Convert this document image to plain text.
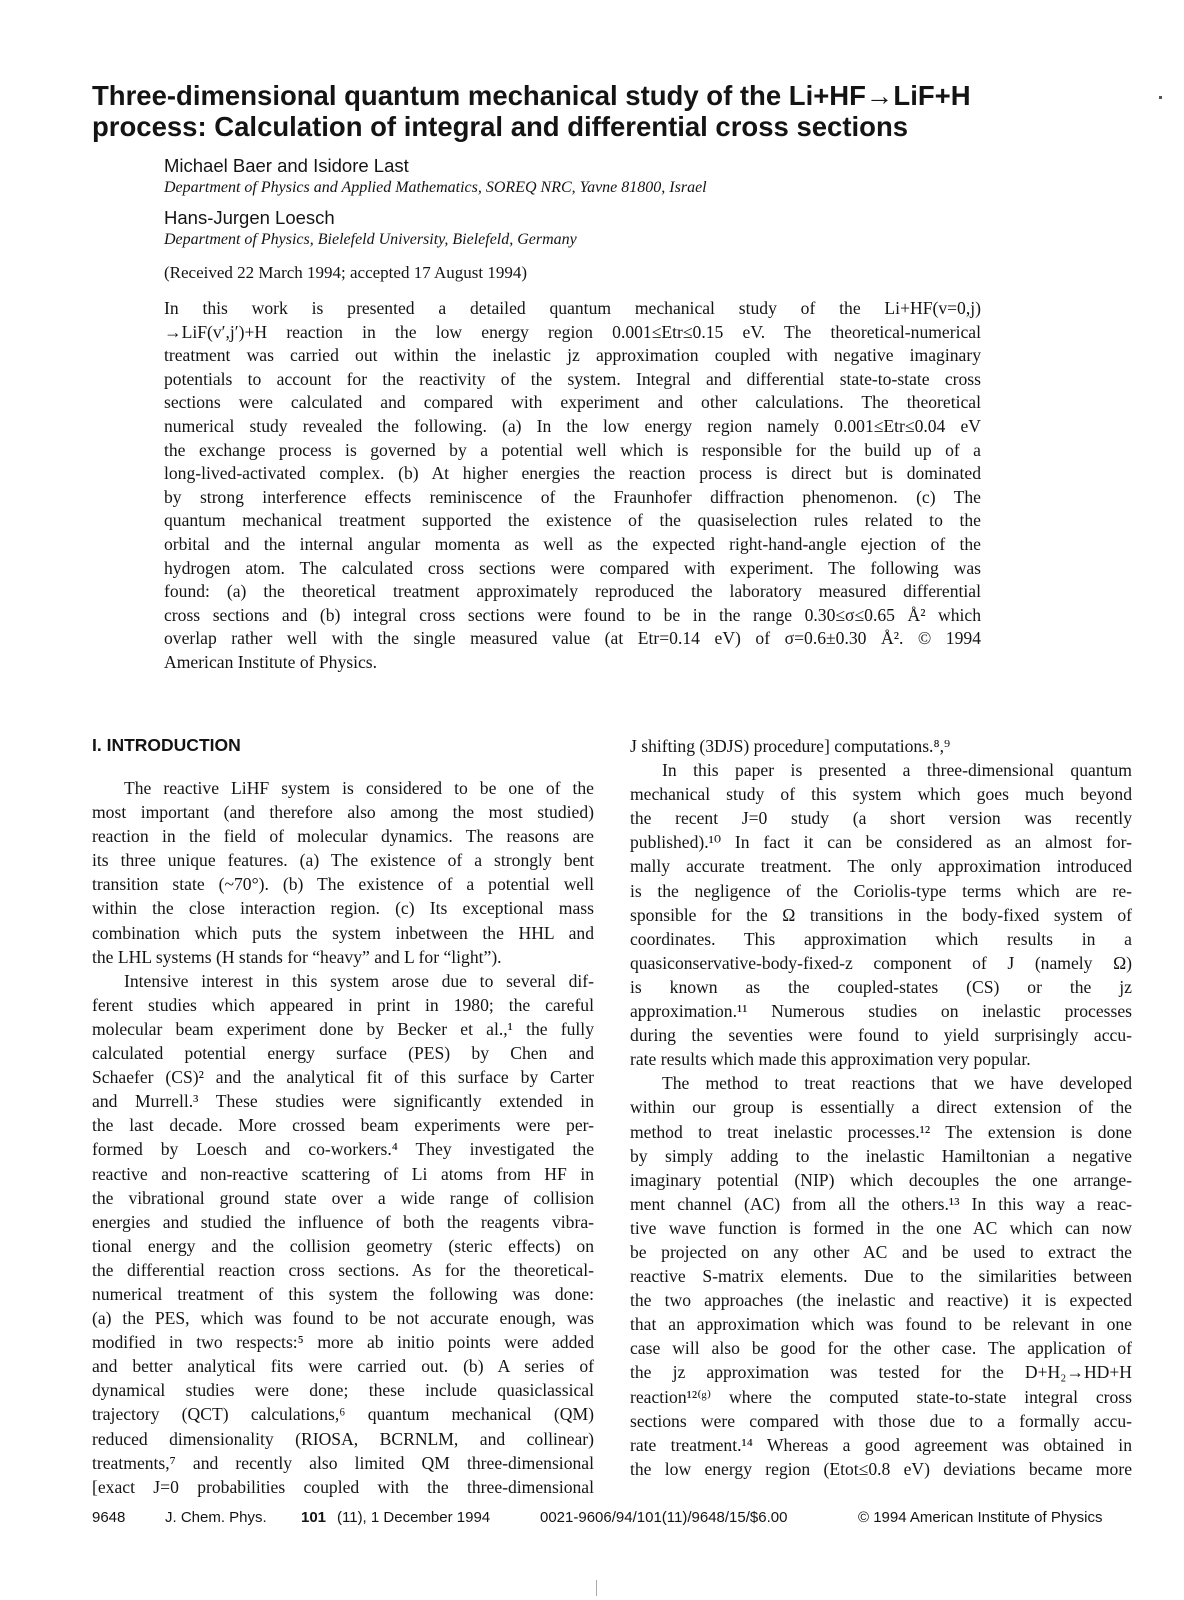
Three-dimensional quantum mechanical study of the Li+HF→LiF+H
process: Calculation of integral and differential cross sections
Michael Baer and Isidore Last
Department of Physics and Applied Mathematics, SOREQ NRC, Yavne 81800, Israel
Hans-Jurgen Loesch
Department of Physics, Bielefeld University, Bielefeld, Germany
(Received 22 March 1994; accepted 17 August 1994)
In this work is presented a detailed quantum mechanical study of the Li+HF(v=0,j)
→LiF(v′,j′)+H reaction in the low energy region 0.001≤Etr≤0.15 eV. The theoretical-numerical
treatment was carried out within the inelastic jz approximation coupled with negative imaginary
potentials to account for the reactivity of the system. Integral and differential state-to-state cross
sections were calculated and compared with experiment and other calculations. The theoretical
numerical study revealed the following. (a) In the low energy region namely 0.001≤Etr≤0.04 eV
the exchange process is governed by a potential well which is responsible for the build up of a
long-lived-activated complex. (b) At higher energies the reaction process is direct but is dominated
by strong interference effects reminiscence of the Fraunhofer diffraction phenomenon. (c) The
quantum mechanical treatment supported the existence of the quasiselection rules related to the
orbital and the internal angular momenta as well as the expected right-hand-angle ejection of the
hydrogen atom. The calculated cross sections were compared with experiment. The following was
found: (a) the theoretical treatment approximately reproduced the laboratory measured differential
cross sections and (b) integral cross sections were found to be in the range 0.30≤σ≤0.65 Å² which
overlap rather well with the single measured value (at Etr=0.14 eV) of σ=0.6±0.30 Å². © 1994
American Institute of Physics.
I. INTRODUCTION
The reactive LiHF system is considered to be one of the
most important (and therefore also among the most studied)
reaction in the field of molecular dynamics. The reasons are
its three unique features. (a) The existence of a strongly bent
transition state (~70°). (b) The existence of a potential well
within the close interaction region. (c) Its exceptional mass
combination which puts the system inbetween the HHL and
the LHL systems (H stands for “heavy” and L for “light”).
Intensive interest in this system arose due to several dif-
ferent studies which appeared in print in 1980; the careful
molecular beam experiment done by Becker et al.,¹ the fully
calculated potential energy surface (PES) by Chen and
Schaefer (CS)² and the analytical fit of this surface by Carter
and Murrell.³ These studies were significantly extended in
the last decade. More crossed beam experiments were per-
formed by Loesch and co-workers.⁴ They investigated the
reactive and non-reactive scattering of Li atoms from HF in
the vibrational ground state over a wide range of collision
energies and studied the influence of both the reagents vibra-
tional energy and the collision geometry (steric effects) on
the differential reaction cross sections. As for the theoretical-
numerical treatment of this system the following was done:
(a) the PES, which was found to be not accurate enough, was
modified in two respects:⁵ more ab initio points were added
and better analytical fits were carried out. (b) A series of
dynamical studies were done; these include quasiclassical
trajectory (QCT) calculations,⁶ quantum mechanical (QM)
reduced dimensionality (RIOSA, BCRNLM, and collinear)
treatments,⁷ and recently also limited QM three-dimensional
[exact J=0 probabilities coupled with the three-dimensional
J shifting (3DJS) procedure] computations.⁸,⁹
In this paper is presented a three-dimensional quantum
mechanical study of this system which goes much beyond
the recent J=0 study (a short version was recently
published).¹⁰ In fact it can be considered as an almost for-
mally accurate treatment. The only approximation introduced
is the negligence of the Coriolis-type terms which are re-
sponsible for the Ω transitions in the body-fixed system of
coordinates. This approximation which results in a
quasiconservative-body-fixed-z component of J (namely Ω)
is known as the coupled-states (CS) or the jz
approximation.¹¹ Numerous studies on inelastic processes
during the seventies were found to yield surprisingly accu-
rate results which made this approximation very popular.
The method to treat reactions that we have developed
within our group is essentially a direct extension of the
method to treat inelastic processes.¹² The extension is done
by simply adding to the inelastic Hamiltonian a negative
imaginary potential (NIP) which decouples the one arrange-
ment channel (AC) from all the others.¹³ In this way a reac-
tive wave function is formed in the one AC which can now
be projected on any other AC and be used to extract the
reactive S-matrix elements. Due to the similarities between
the two approaches (the inelastic and reactive) it is expected
that an approximation which was found to be relevant in one
case will also be good for the other case. The application of
the jz approximation was tested for the D+H₂→HD+H
reaction¹²⁽ᵍ⁾ where the computed state-to-state integral cross
sections were compared with those due to a formally accu-
rate treatment.¹⁴ Whereas a good agreement was obtained in
the low energy region (Etot≤0.8 eV) deviations became more
9648	J. Chem. Phys. 101 (11), 1 December 1994	0021-9606/94/101(11)/9648/15/$6.00	© 1994 American Institute of Physics
